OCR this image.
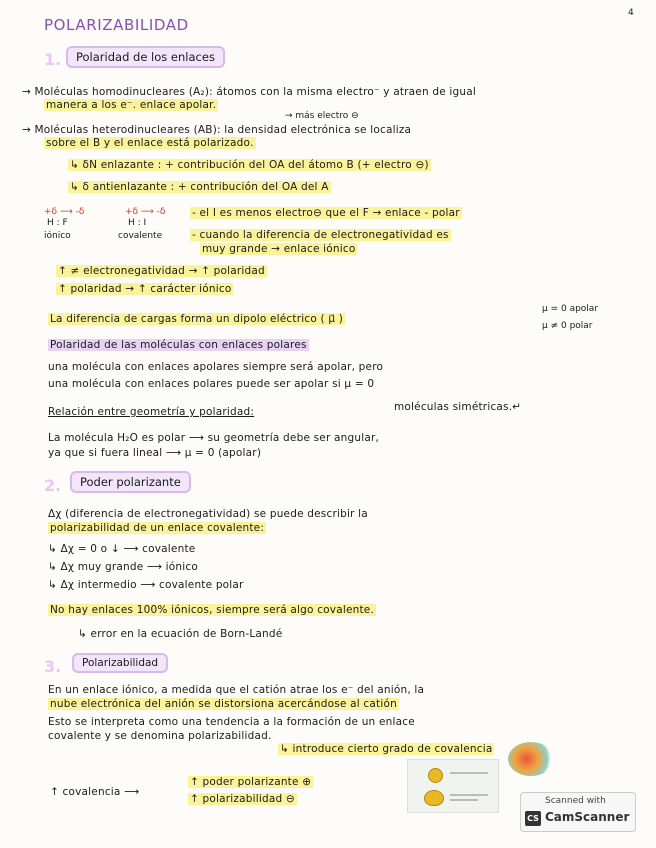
4
POLARIZABILIDAD
1.	Polaridad de los enlaces
→ Moléculas homodinucleares (A₂): átomos con la misma electro⁻ y atraen de igual
manera a los e⁻. enlace apolar.
→ más electro ⊖
→ Moléculas heterodinucleares (AB): la densidad electrónica se localiza
sobre el B y el enlace está polarizado.
↳ δN enlazante : + contribución del OA del átomo B (+ electro ⊖)
↳ δ antienlazante : + contribución del OA del A
+δ ⟶ -δ
H : F
iónico
+δ ⟶ -δ
H : I
covalente
- el I es menos electro⊖ que el F → enlace - polar
- cuando la diferencia de electronegatividad es
muy grande → enlace iónico
↑ ≠ electronegatividad → ↑ polaridad
↑ polaridad → ↑ carácter iónico
La diferencia de cargas forma un dipolo eléctrico ( μ⃗ )
μ = 0 apolar
μ ≠ 0 polar
Polaridad de las moléculas con enlaces polares
una molécula con enlaces apolares siempre será apolar, pero
una molécula con enlaces polares puede ser apolar si μ = 0
Relación entre geometría y polaridad:	moléculas simétricas.↵
La molécula H₂O es polar ⟶ su geometría debe ser angular,
ya que si fuera lineal ⟶ μ = 0 (apolar)
2.	Poder polarizante
Δχ (diferencia de electronegatividad) se puede describir la
polarizabilidad de un enlace covalente:
↳ Δχ = 0 o ↓ ⟶ covalente
↳ Δχ muy grande ⟶ iónico
↳ Δχ intermedio ⟶ covalente polar
No hay enlaces 100% iónicos, siempre será algo covalente.
↳ error en la ecuación de Born-Landé
3.	Polarizabilidad
En un enlace iónico, a medida que el catión atrae los e⁻ del anión, la
nube electrónica del anión se distorsiona acercándose al catión
Esto se interpreta como una tendencia a la formación de un enlace
covalente y se denomina polarizabilidad.
↳ introduce cierto grado de covalencia
↑ covalencia ⟶
↑ poder polarizante ⊕
↑ polarizabilidad ⊖	Scanned with
CS CamScanner
